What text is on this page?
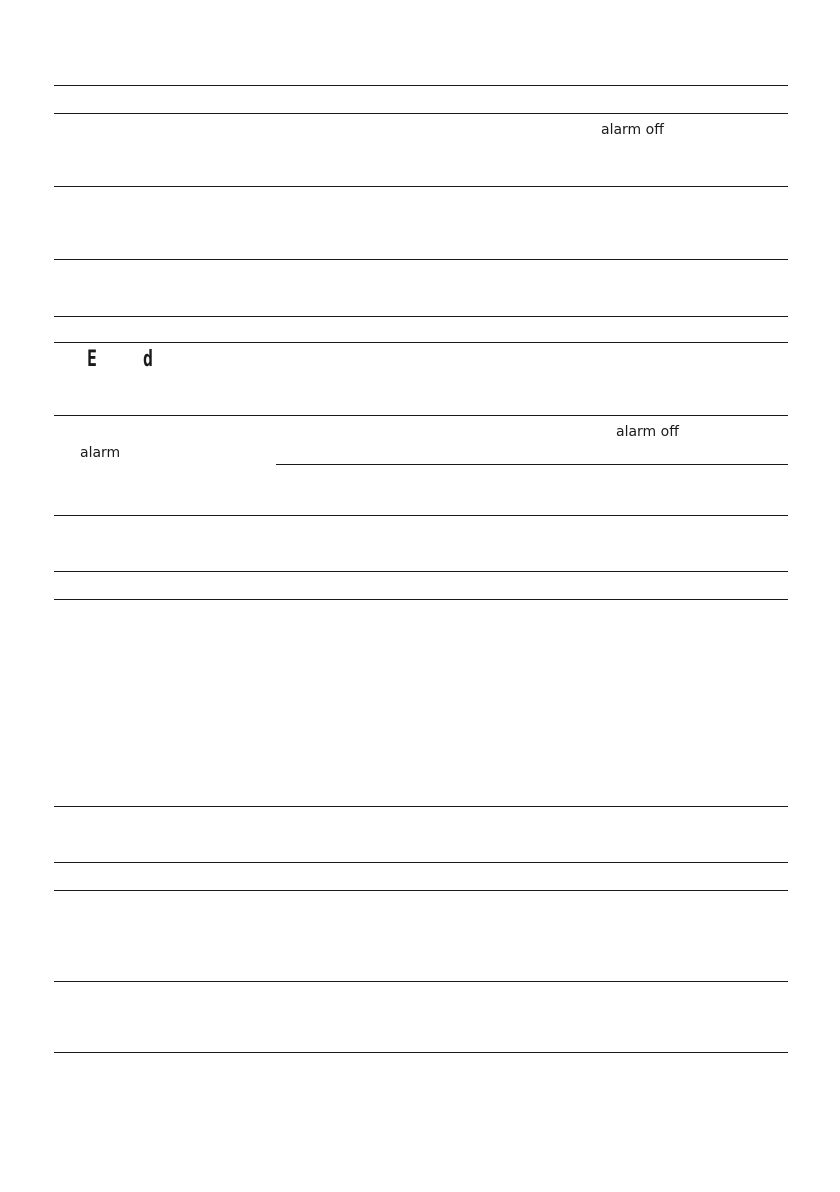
alarm off
E d
alarm
alarm off
